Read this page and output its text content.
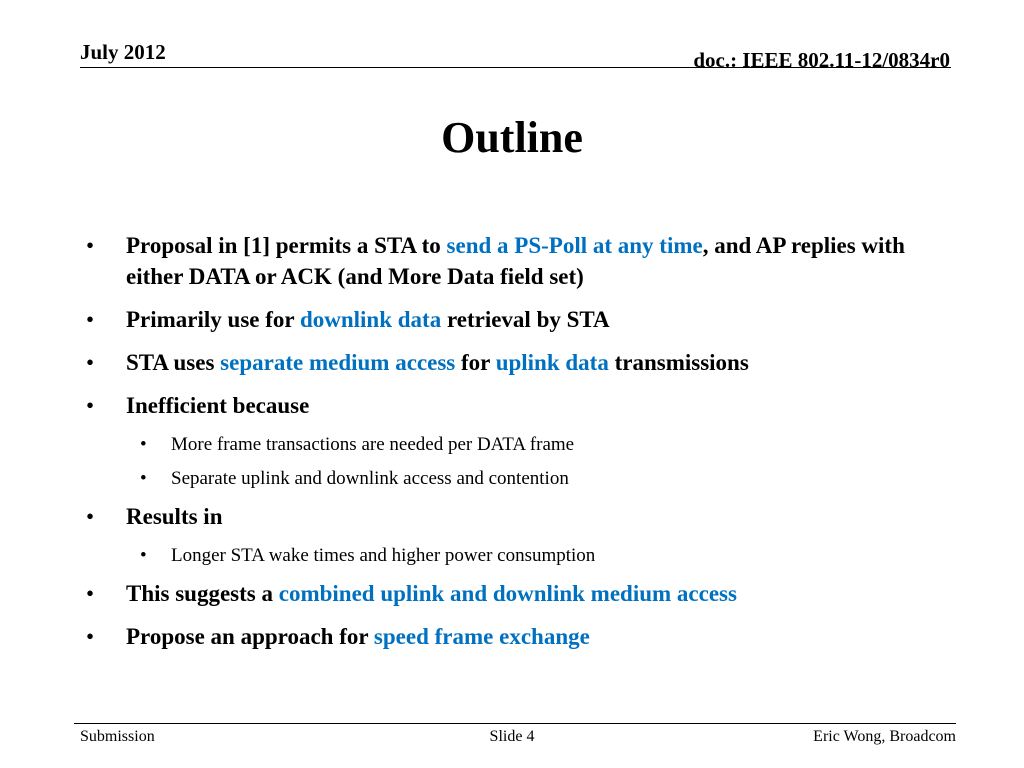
July 2012	doc.: IEEE 802.11-12/0834r0
Outline
• Proposal in [1] permits a STA to send a PS-Poll at any time, and AP replies with either DATA or ACK (and More Data field set)
• Primarily use for downlink data retrieval by STA
• STA uses separate medium access for uplink data transmissions
• Inefficient because
• More frame transactions are needed per DATA frame
• Separate uplink and downlink access and contention
• Results in
• Longer STA wake times and higher power consumption
• This suggests a combined uplink and downlink medium access
• Propose an approach for speed frame exchange
Submission	Slide 4	Eric Wong, Broadcom
